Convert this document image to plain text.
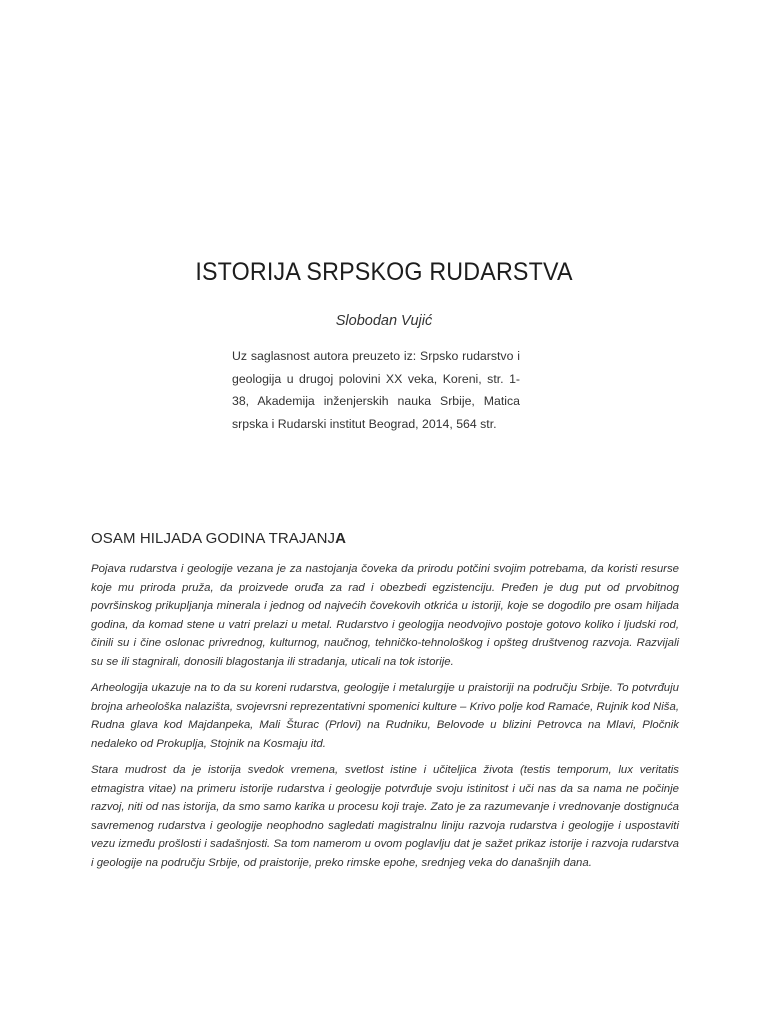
ISTORIJA SRPSKOG RUDARSTVA
Slobodan Vujić
Uz saglasnost autora preuzeto iz: Srpsko rudarstvo i geologija u drugoj polovini XX veka, Koreni, str. 1-38, Akademija inženjerskih nauka Srbije, Matica srpska i Rudarski institut Beograd, 2014, 564 str.
OSAM HILJADA GODINA TRAJANJA

Pojava rudarstva i geologije vezana je za nastojanja čoveka da prirodu potčini svojim potrebama, da koristi resurse koje mu priroda pruža, da proizvede oruđa za rad i obezbedi egzistenciju. Pređen je dug put od prvobitnog površinskog prikupljanja minerala i jednog od najvećih čovekovih otkrića u istoriji, koje se dogodilo pre osam hiljada godina, da komad stene u vatri prelazi u metal. Rudarstvo i geologija neodvojivo postoje gotovo koliko i ljudski rod, činili su i čine oslonac privrednog, kulturnog, naučnog, tehničko-tehnološkog i opšteg društvenog razvoja. Razvijali su se ili stagnirali, donosili blagostanja ili stradanja, uticali na tok istorije.

Arheologija ukazuje na to da su koreni rudarstva, geologije i metalurgije u praistoriji na području Srbije. To potvrđuju brojna arheološka nalazišta, svojevrsni reprezentativni spomenici kulture – Krivo polje kod Ramaće, Rujnik kod Niša, Rudna glava kod Majdanpeka, Mali Šturac (Prlovi) na Rudniku, Belovode u blizini Petrovca na Mlavi, Pločnik nedaleko od Prokuplja, Stojnik na Kosmaju itd.

Stara mudrost da je istorija svedok vremena, svetlost istine i učiteljica života (testis temporum, lux veritatis etmagistra vitae) na primeru istorije rudarstva i geologije potvrđuje svoju istinitost i uči nas da sa nama ne počinje razvoj, niti od nas istorija, da smo samo karika u procesu koji traje. Zato je za razumevanje i vrednovanje dostignuća savremenog rudarstva i geologije neophodno sagledati magistralnu liniju razvoja rudarstva i geologije i uspostaviti vezu između prošlosti i sadašnjosti. Sa tom namerom u ovom poglavlju dat je sažet prikaz istorije i razvoja rudarstva i geologije na području Srbije, od praistorije, preko rimske epohe, srednjeg veka do današnjih dana.
